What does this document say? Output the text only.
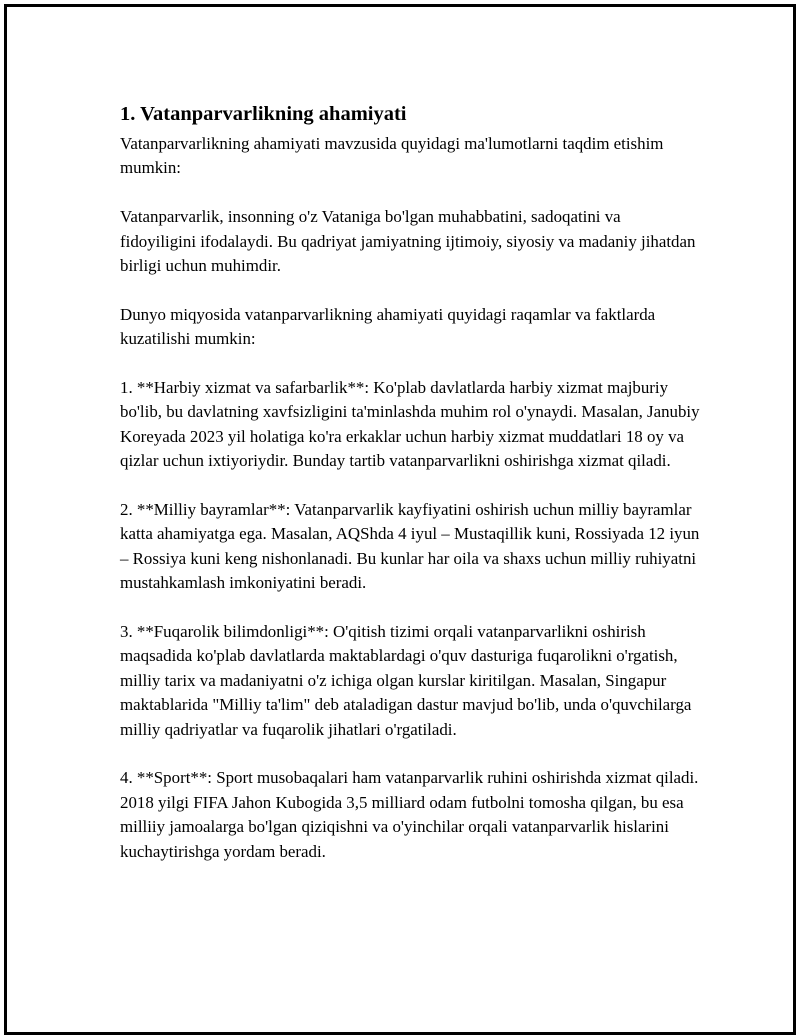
1. Vatanparvarlikning ahamiyati

Vatanparvarlikning ahamiyati mavzusida quyidagi ma'lumotlarni taqdim etishim mumkin:

Vatanparvarlik, insonning o'z Vataniga bo'lgan muhabbatini, sadoqatini va fidoyiligini ifodalaydi. Bu qadriyat jamiyatning ijtimoiy, siyosiy va madaniy jihatdan birligi uchun muhimdir.

Dunyo miqyosida vatanparvarlikning ahamiyati quyidagi raqamlar va faktlarda kuzatilishi mumkin:

1. **Harbiy xizmat va safarbarlik**: Ko'plab davlatlarda harbiy xizmat majburiy bo'lib, bu davlatning xavfsizligini ta'minlashda muhim rol o'ynaydi. Masalan, Janubiy Koreyada 2023 yil holatiga ko'ra erkaklar uchun harbiy xizmat muddatlari 18 oy va qizlar uchun ixtiyoriydir. Bunday tartib vatanparvarlikni oshirishga xizmat qiladi.

2. **Milliy bayramlar**: Vatanparvarlik kayfiyatini oshirish uchun milliy bayramlar katta ahamiyatga ega. Masalan, AQShda 4 iyul – Mustaqillik kuni, Rossiyada 12 iyun – Rossiya kuni keng nishonlanadi. Bu kunlar har oila va shaxs uchun milliy ruhiyatni mustahkamlash imkoniyatini beradi.

3. **Fuqarolik bilimdonligi**: O'qitish tizimi orqali vatanparvarlikni oshirish maqsadida ko'plab davlatlarda maktablardagi o'quv dasturiga fuqarolikni o'rgatish, milliy tarix va madaniyatni o'z ichiga olgan kurslar kiritilgan. Masalan, Singapur maktablarida "Milliy ta'lim" deb ataladigan dastur mavjud bo'lib, unda o'quvchilarga milliy qadriyatlar va fuqarolik jihatlari o'rgatiladi.

4. **Sport**: Sport musobaqalari ham vatanparvarlik ruhini oshirishda xizmat qiladi. 2018 yilgi FIFA Jahon Kubogida 3,5 milliard odam futbolni tomosha qilgan, bu esa milliiy jamoalarga bo'lgan qiziqishni va o'yinchilar orqali vatanparvarlik hislarini kuchaytirishga yordam beradi.
